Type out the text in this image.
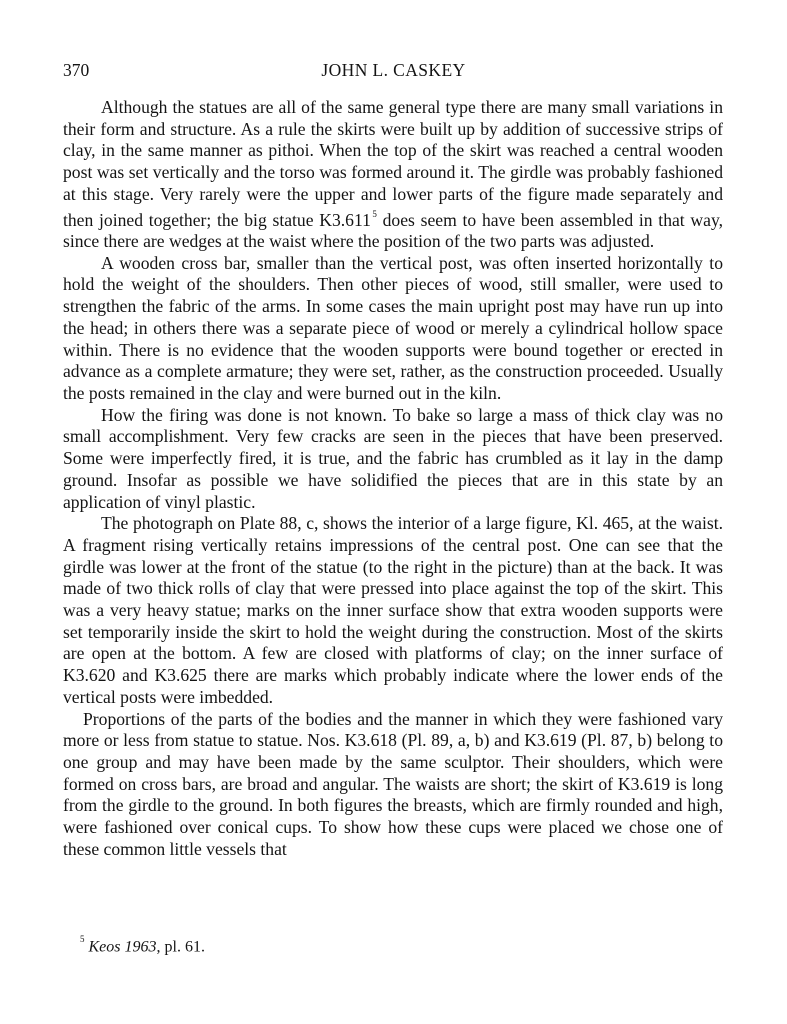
370	JOHN L. CASKEY

Although the statues are all of the same general type there are many small variations in their form and structure. As a rule the skirts were built up by addition of successive strips of clay, in the same manner as pithoi. When the top of the skirt was reached a central wooden post was set vertically and the torso was formed around it. The girdle was probably fashioned at this stage. Very rarely were the upper and lower parts of the figure made separately and then joined together; the big statue K3.611 $^5$ does seem to have been assembled in that way, since there are wedges at the waist where the position of the two parts was adjusted.

A wooden cross bar, smaller than the vertical post, was often inserted horizontally to hold the weight of the shoulders. Then other pieces of wood, still smaller, were used to strengthen the fabric of the arms. In some cases the main upright post may have run up into the head; in others there was a separate piece of wood or merely a cylindrical hollow space within. There is no evidence that the wooden supports were bound together or erected in advance as a complete armature; they were set, rather, as the construction proceeded. Usually the posts remained in the clay and were burned out in the kiln.

How the firing was done is not known. To bake so large a mass of thick clay was no small accomplishment. Very few cracks are seen in the pieces that have been preserved. Some were imperfectly fired, it is true, and the fabric has crumbled as it lay in the damp ground. Insofar as possible we have solidified the pieces that are in this state by an application of vinyl plastic.

The photograph on Plate 88, c, shows the interior of a large figure, Kl. 465, at the waist. A fragment rising vertically retains impressions of the central post. One can see that the girdle was lower at the front of the statue (to the right in the picture) than at the back. It was made of two thick rolls of clay that were pressed into place against the top of the skirt. This was a very heavy statue; marks on the inner surface show that extra wooden supports were set temporarily inside the skirt to hold the weight during the construction. Most of the skirts are open at the bottom. A few are closed with platforms of clay; on the inner surface of K3.620 and K3.625 there are marks which probably indicate where the lower ends of the vertical posts were imbedded.

Proportions of the parts of the bodies and the manner in which they were fashioned vary more or less from statue to statue. Nos. K3.618 (Pl. 89, a, b) and K3.619 (Pl. 87, b) belong to one group and may have been made by the same sculptor. Their shoulders, which were formed on cross bars, are broad and angular. The waists are short; the skirt of K3.619 is long from the girdle to the ground. In both figures the breasts, which are firmly rounded and high, were fashioned over conical cups. To show how these cups were placed we chose one of these common little vessels that

$^5$ Keos 1963, pl. 61.
